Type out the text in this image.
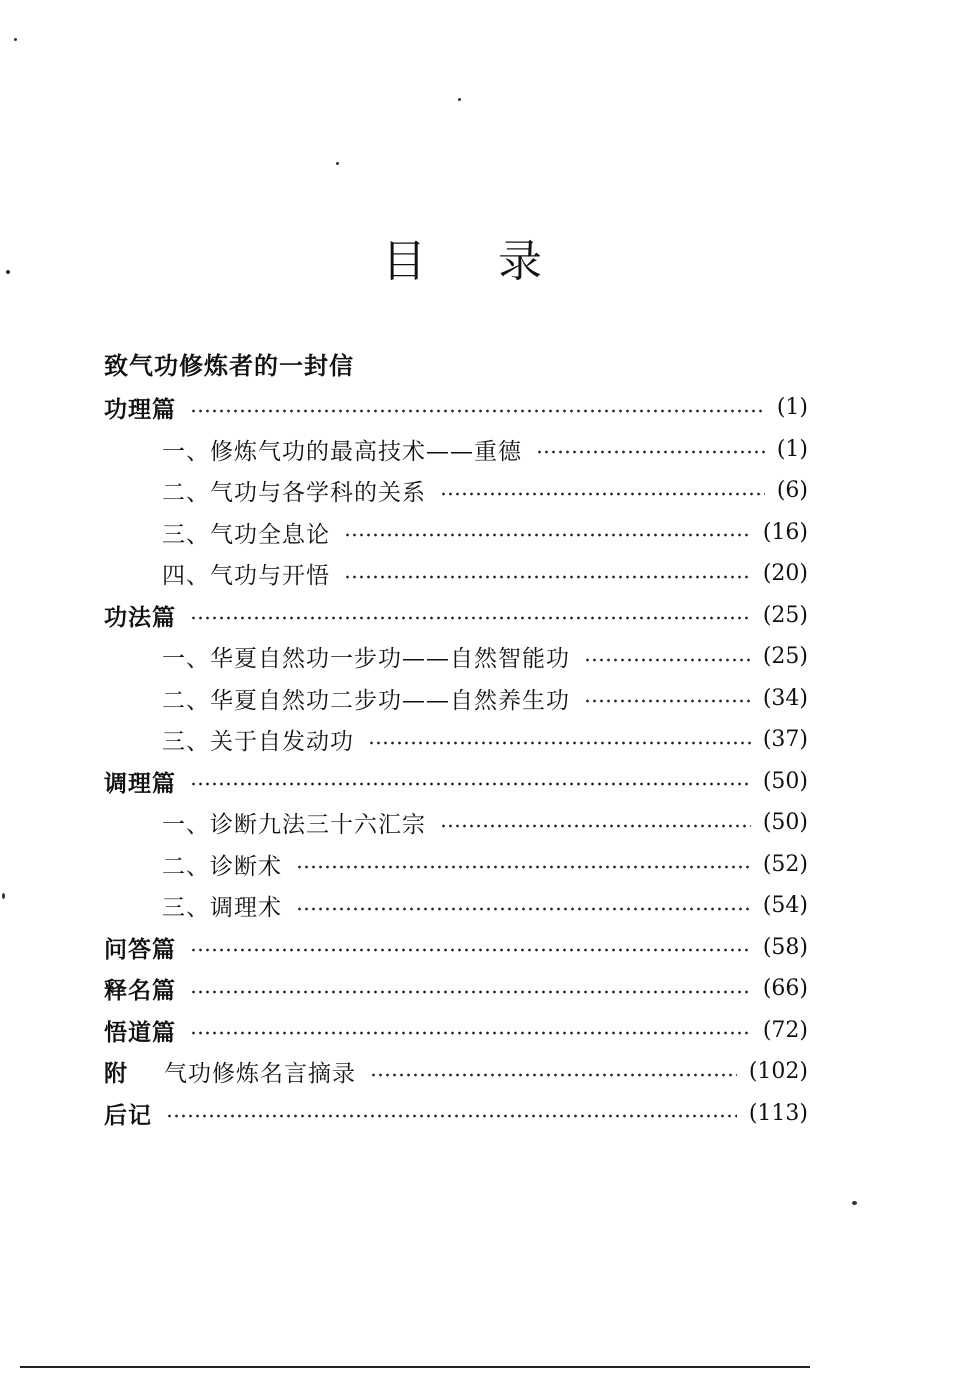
目 录
致气功修炼者的一封信
功理篇	(1)
一、修炼气功的最高技术——重德	(1)
二、气功与各学科的关系	(6)
三、气功全息论	(16)
四、气功与开悟	(20)
功法篇	(25)
一、华夏自然功一步功——自然智能功	(25)
二、华夏自然功二步功——自然养生功	(34)
三、关于自发动功	(37)
调理篇	(50)
一、诊断九法三十六汇宗	(50)
二、诊断术	(52)
三、调理术	(54)
问答篇	(58)
释名篇	(66)
悟道篇	(72)
附 气功修炼名言摘录	(102)
后记	(113)
